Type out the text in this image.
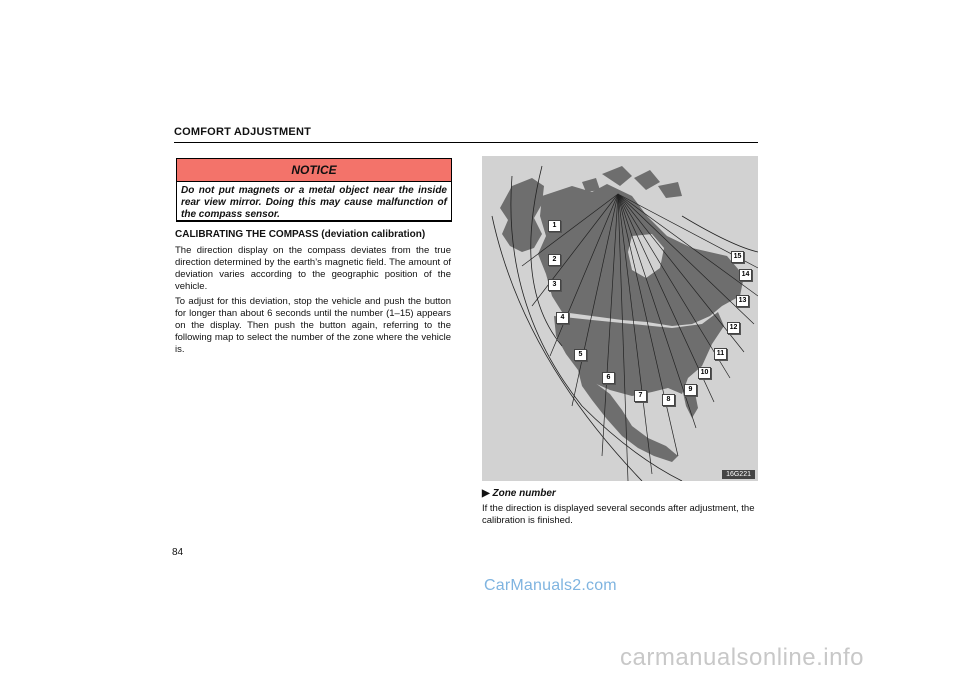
COMFORT ADJUSTMENT
NOTICE
Do not put magnets or a metal object near the inside rear view mirror. Doing this may cause malfunction of the compass sensor.
CALIBRATING THE COMPASS (deviation calibration)
The direction display on the compass deviates from the true direction determined by the earth’s magnetic field. The amount of deviation varies according to the geographic position of the vehicle.
To adjust for this deviation, stop the vehicle and push the button for longer than about 6 seconds until the number (1–15) appears on the display. Then push the button again, referring to the following map to select the number of the zone where the vehicle is.
1
2
3
4
5
6
7
8
9
10
11
12
13
14
15
16G221
▶ Zone number
If the direction is displayed several seconds after adjustment, the calibration is finished.
84
CarManuals2.com
carmanualsonline.info
